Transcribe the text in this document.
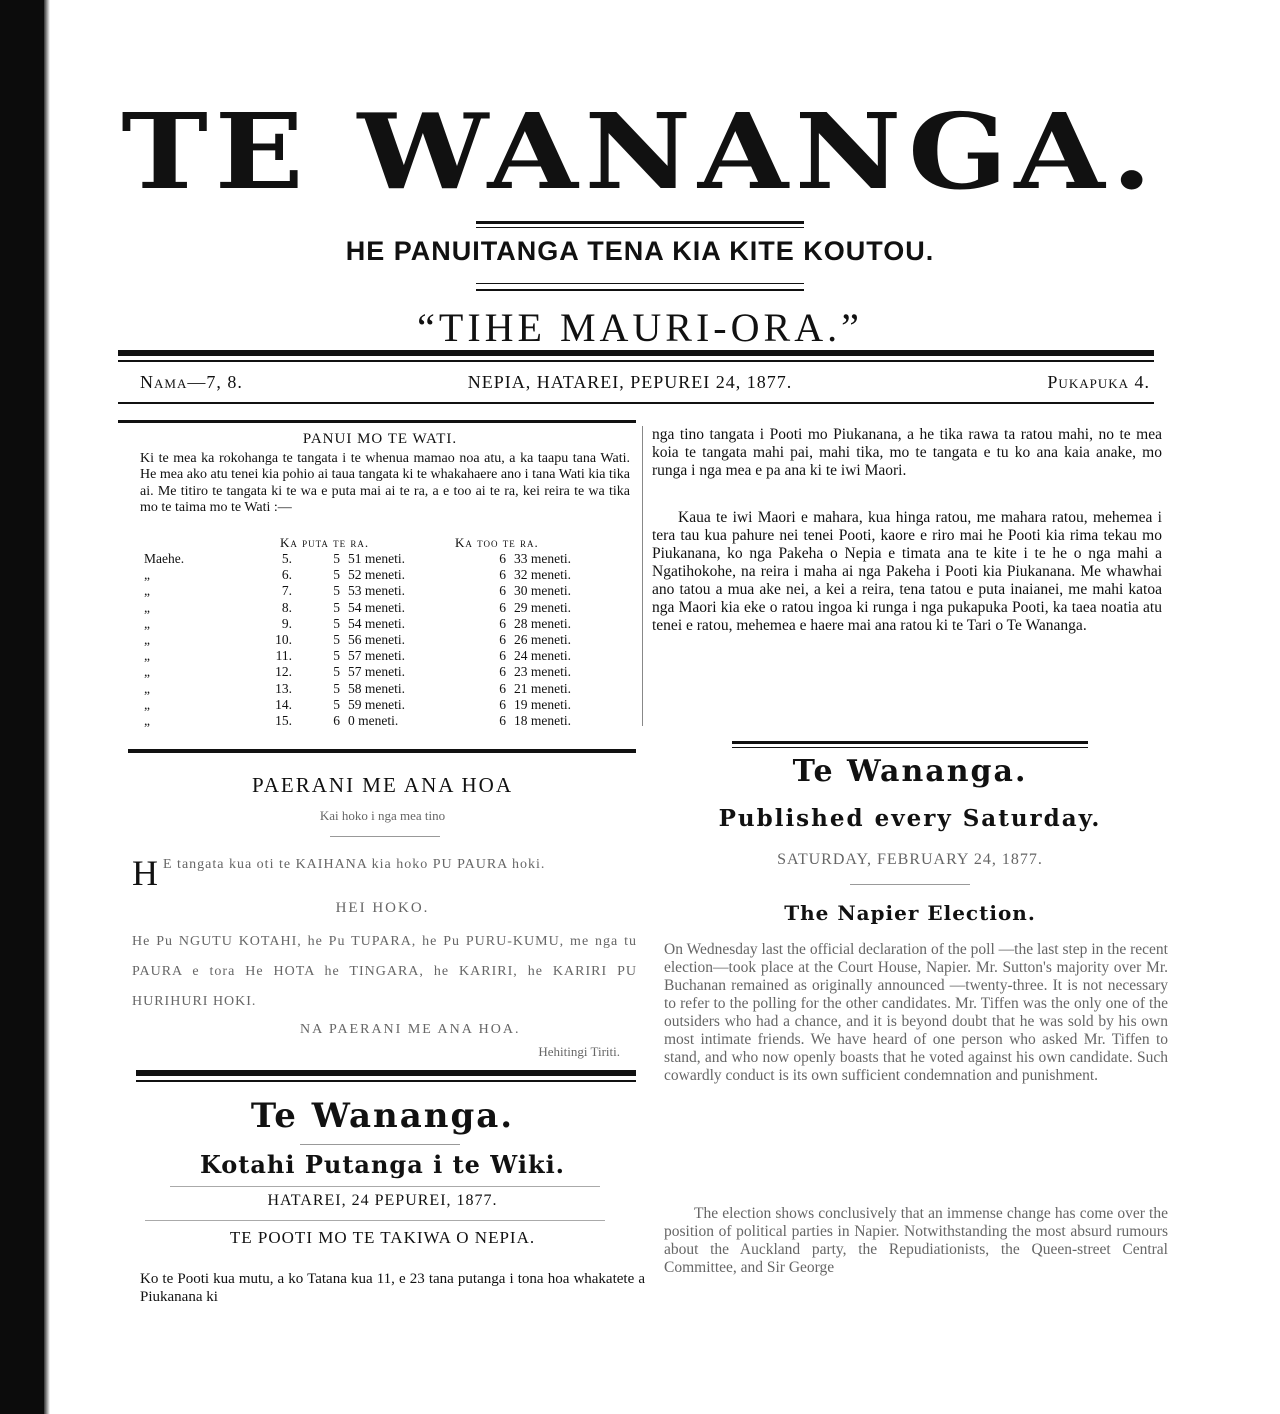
TE WANANGA.
HE PANUITANGA TENA KIA KITE KOUTOU.
“TIHE MAURI-ORA.”
Nama—7, 8.	NEPIA, HATAREI, PEPUREI 24, 1877.	Pukapuka 4.
PANUI MO TE WATI.
Ki te mea ka rokohanga te tangata i te whenua mamao noa atu, a ka taapu tana Wati. He mea ako atu tenei kia pohio ai taua tangata ki te whakahaere ano i tana Wati kia tika ai. Me titiro te tangata ki te wa e puta mai ai te ra, a e too ai te ra, kei reira te wa tika mo te taima mo te Wati :—
Ka puta te ra.	Ka too te ra.
Maehe.	5.	5	51 meneti.	6	33 meneti.
„	6.	5	52 meneti.	6	32 meneti.
„	7.	5	53 meneti.	6	30 meneti.
„	8.	5	54 meneti.	6	29 meneti.
„	9.	5	54 meneti.	6	28 meneti.
„	10.	5	56 meneti.	6	26 meneti.
„	11.	5	57 meneti.	6	24 meneti.
„	12.	5	57 meneti.	6	23 meneti.
„	13.	5	58 meneti.	6	21 meneti.
„	14.	5	59 meneti.	6	19 meneti.
„	15.	6	0 meneti.	6	18 meneti.
PAERANI ME ANA HOA
Kai hoko i nga mea tino
H E tangata kua oti te KAIHANA kia hoko PU PAURA hoki.
HEI HOKO.
He Pu NGUTU KOTAHI, he Pu TUPARA, he Pu PURU-KUMU, me nga tu PAURA e tora He HOTA he TINGARA, he KARIRI, he KARIRI PU HURIHURI HOKI.
NA PAERANI ME ANA HOA.
Hehitingi Tiriti.
Te Wananga.
Kotahi Putanga i te Wiki.
HATAREI, 24 PEPUREI, 1877.
TE POOTI MO TE TAKIWA O NEPIA.
Ko te Pooti kua mutu, a ko Tatana kua 11, e 23 tana putanga i tona hoa whakatete a Piukanana ki
nga tino tangata i Pooti mo Piukanana, a he tika rawa ta ratou mahi, no te mea koia te tangata mahi pai, mahi tika, mo te tangata e tu ko ana kaia anake, mo runga i nga mea e pa ana ki te iwi Maori.
Kaua te iwi Maori e mahara, kua hinga ratou, me mahara ratou, mehemea i tera tau kua pahure nei tenei Pooti, kaore e riro mai he Pooti kia rima tekau mo Piukanana, ko nga Pakeha o Nepia e timata ana te kite i te he o nga mahi a Ngatihokohe, na reira i maha ai nga Pakeha i Pooti kia Piukanana. Me whawhai ano tatou a mua ake nei, a kei a reira, tena tatou e puta inaianei, me mahi katoa nga Maori kia eke o ratou ingoa ki runga i nga pukapuka Pooti, ka taea noatia atu tenei e ratou, mehemea e haere mai ana ratou ki te Tari o Te Wananga.
Te Wananga.
Published every Saturday.
SATURDAY, FEBRUARY 24, 1877.
The Napier Election.
On Wednesday last the official declaration of the poll —the last step in the recent election—took place at the Court House, Napier. Mr. Sutton's majority over Mr. Buchanan remained as originally announced —twenty-three. It is not necessary to refer to the polling for the other candidates. Mr. Tiffen was the only one of the outsiders who had a chance, and it is beyond doubt that he was sold by his own most intimate friends. We have heard of one person who asked Mr. Tiffen to stand, and who now openly boasts that he voted against his own candidate. Such cowardly conduct is its own sufficient condemnation and punishment.
The election shows conclusively that an immense change has come over the position of political parties in Napier. Notwithstanding the most absurd rumours about the Auckland party, the Repudiationists, the Queen-street Central Committee, and Sir George
